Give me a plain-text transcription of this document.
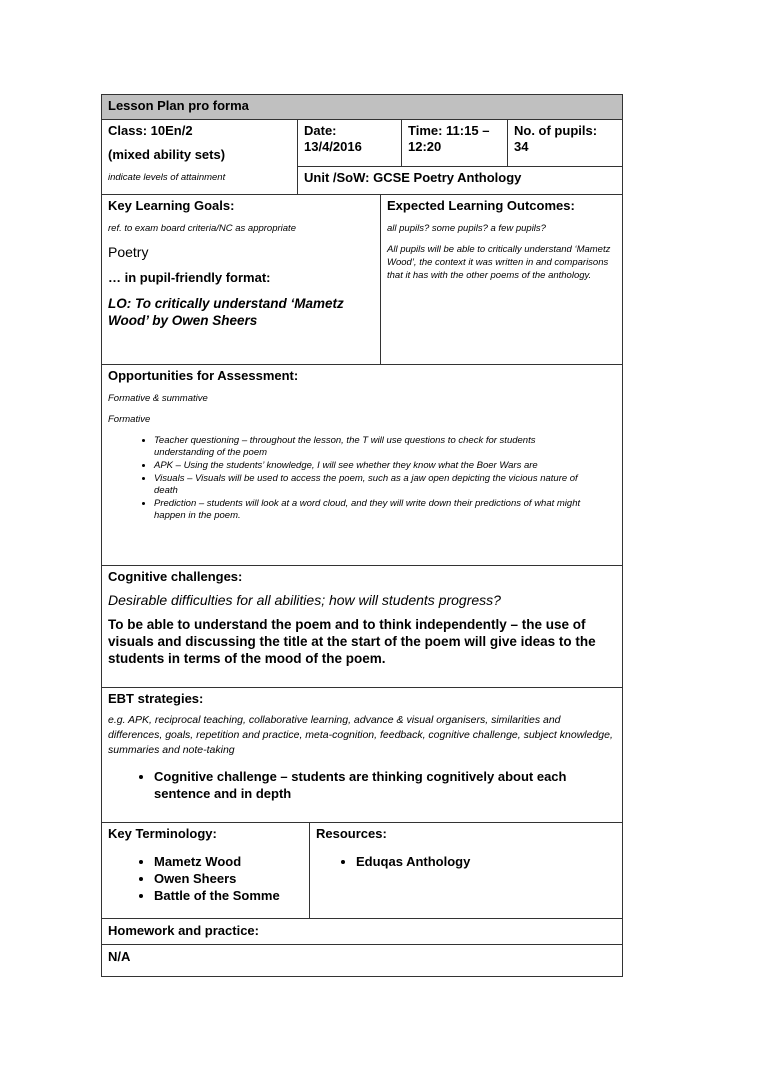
Lesson Plan pro forma

Class: 10En/2

(mixed ability sets)

indicate levels of attainment

Date:

13/4/2016

Time: 11:15 –

12:20

No. of pupils:

34

Unit /SoW: GCSE Poetry Anthology

Key Learning Goals:

ref. to exam board criteria/NC as appropriate

Poetry

… in pupil-friendly format:

LO: To critically understand ‘Mametz Wood’ by Owen Sheers

Expected Learning Outcomes:

all pupils? some pupils? a few pupils?

All pupils will be able to critically understand ‘Mametz Wood’, the context it was written in and comparisons that it has with the other poems of the anthology.

Opportunities for Assessment:

Formative & summative

Formative

• Teacher questioning – throughout the lesson, the T will use questions to check for students understanding of the poem
• APK – Using the students’ knowledge, I will see whether they know what the Boer Wars are
• Visuals – Visuals will be used to access the poem, such as a jaw open depicting the vicious nature of death
• Prediction – students will look at a word cloud, and they will write down their predictions of what might happen in the poem.

Cognitive challenges:

Desirable difficulties for all abilities; how will students progress?

To be able to understand the poem and to think independently – the use of visuals and discussing the title at the start of the poem will give ideas to the students in terms of the mood of the poem.

EBT strategies:

e.g. APK, reciprocal teaching, collaborative learning, advance & visual organisers, similarities and differences, goals, repetition and practice, meta-cognition, feedback, cognitive challenge, subject knowledge, summaries and note-taking

• Cognitive challenge – students are thinking cognitively about each sentence and in depth

Key Terminology:

• Mametz Wood
• Owen Sheers
• Battle of the Somme

Resources:

• Eduqas Anthology
Homework and practice:
N/A
